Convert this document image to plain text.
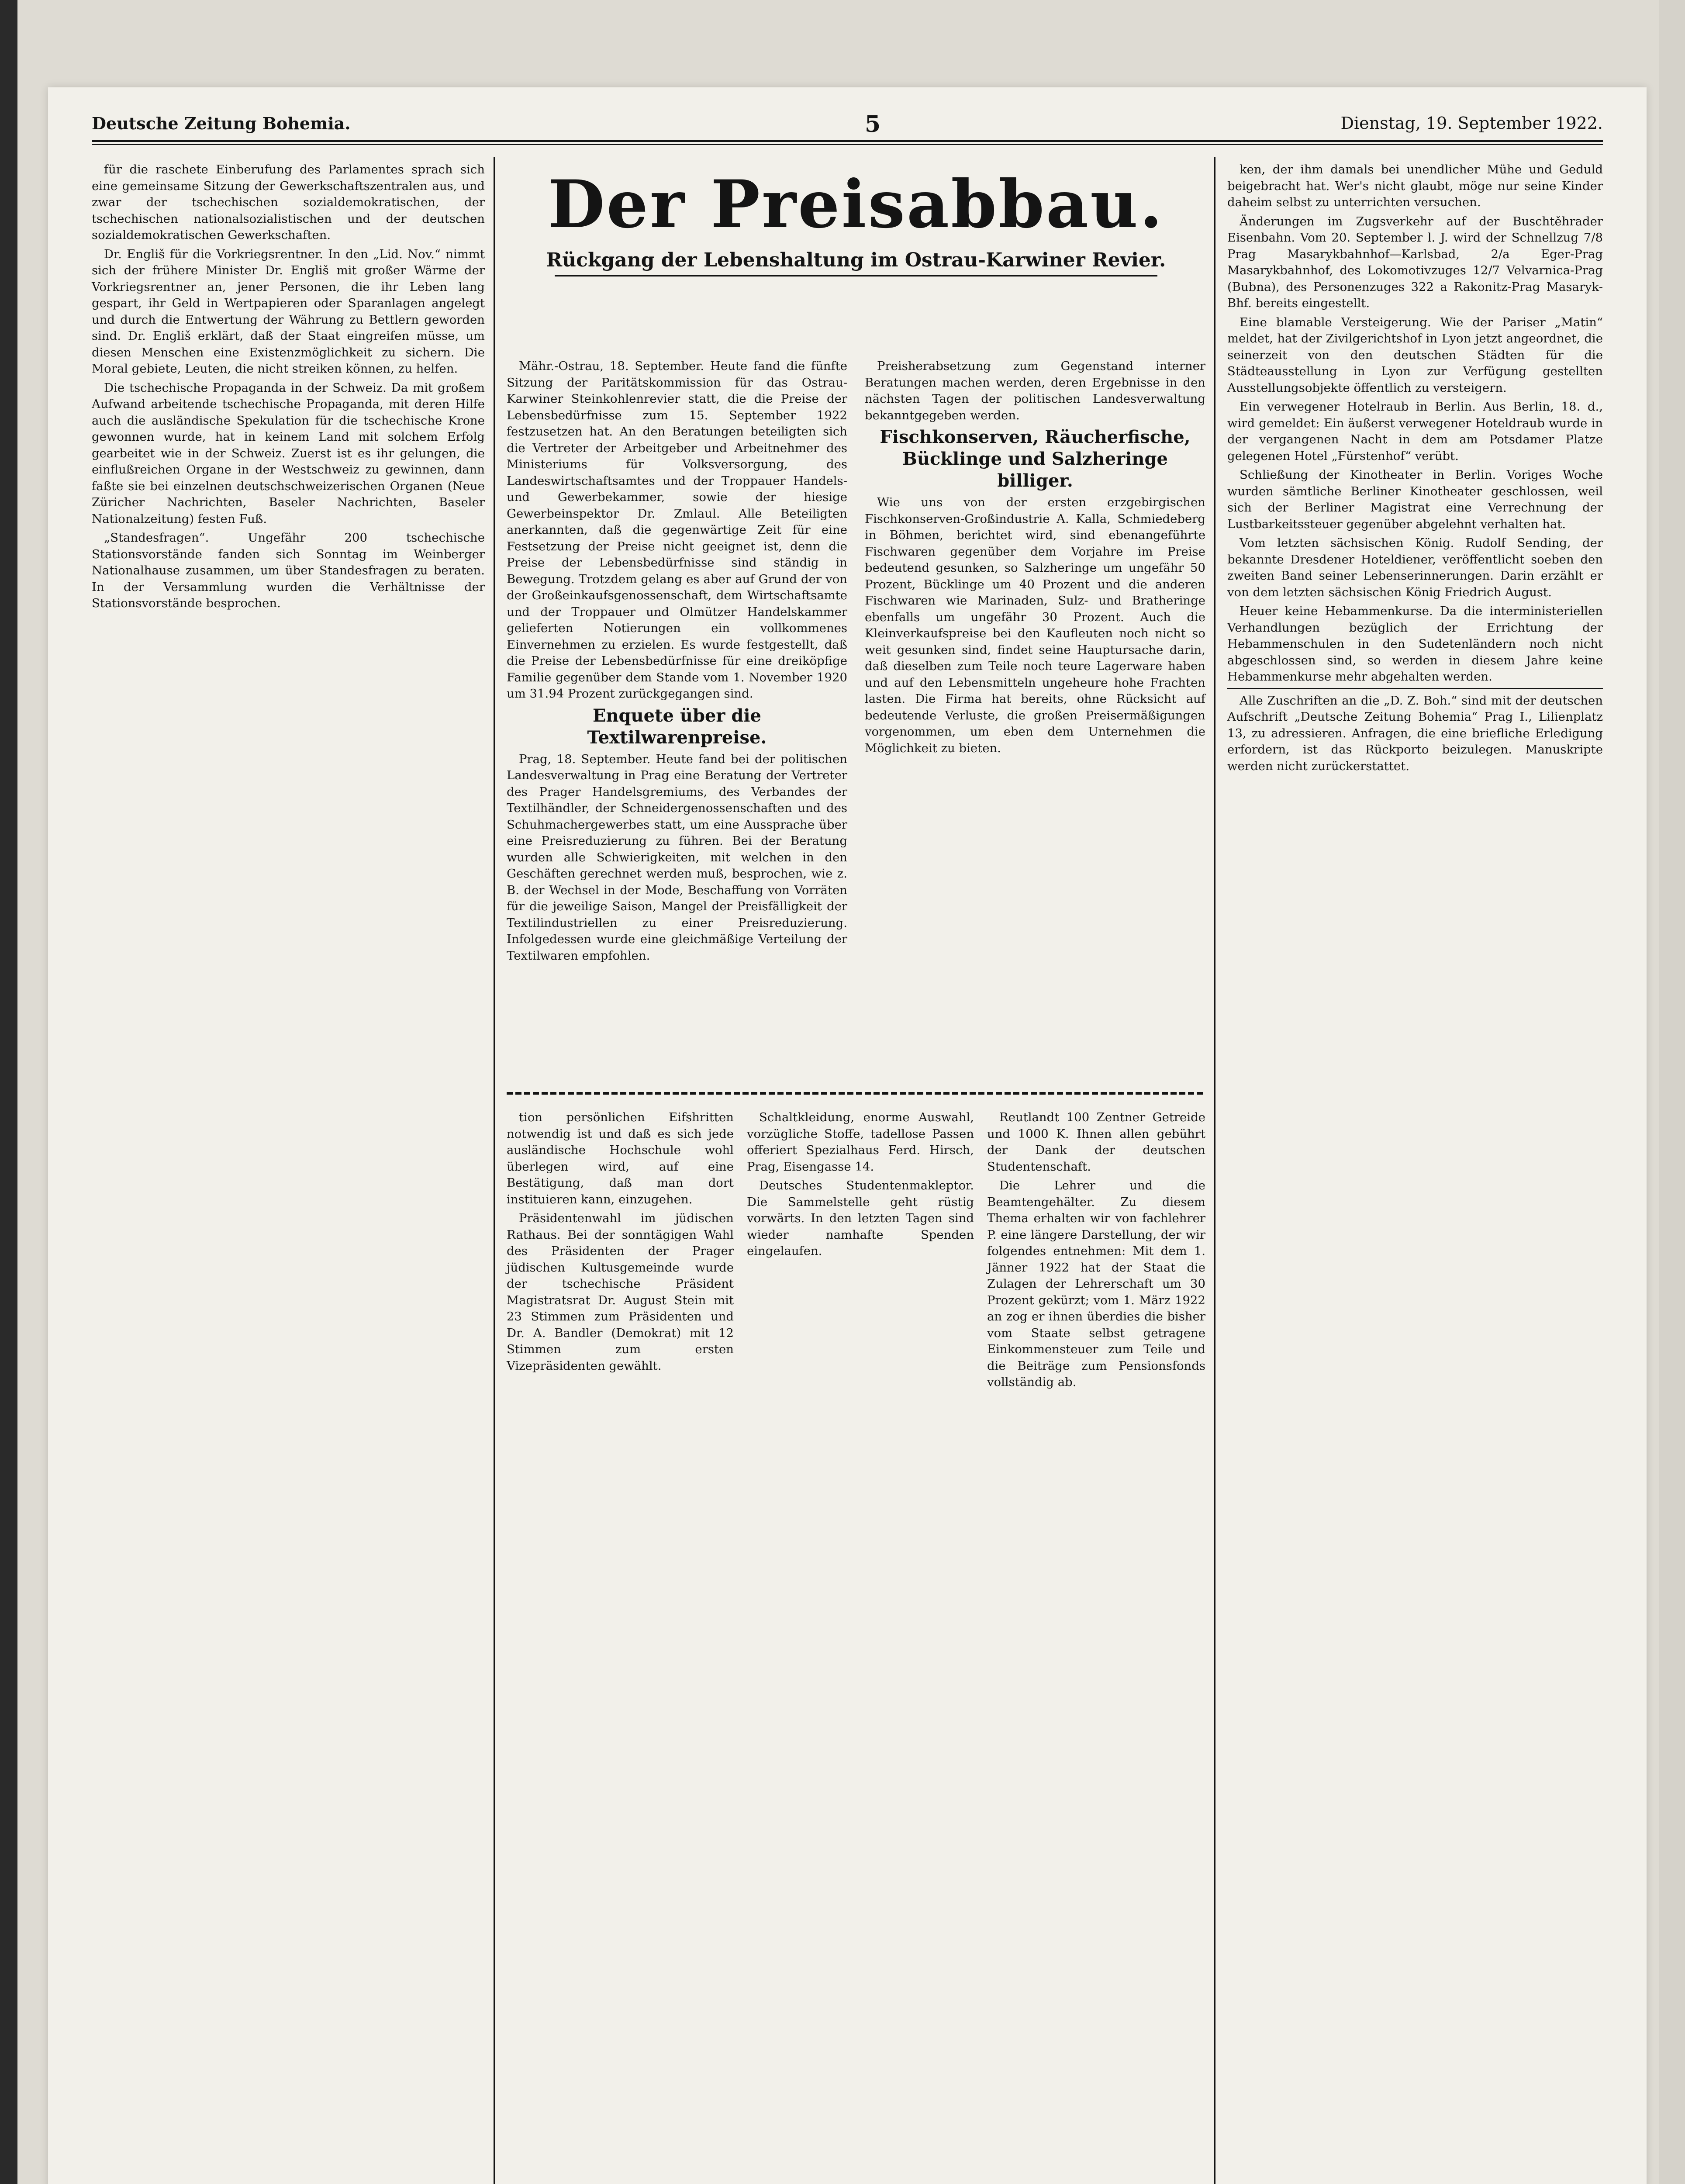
Deutsche Zeitung Bohemia.	5	Dienstag, 19. September 1922.

für die raschete Einberufung des Parlamentes sprach sich eine gemeinsame Sitzung der Gewerkschaftszentralen aus, und zwar der tschechischen sozialdemokratischen, der tschechischen nationalsozialistischen und der deutschen sozialdemokratischen Gewerkschaften.

Dr. Engliš für die Vorkriegsrentner. In den „Lid. Nov.“ nimmt sich der frühere Minister Dr. Engliš mit großer Wärme der Vorkriegsrentner an, jener Personen, die ihr Leben lang gespart, ihr Geld in Wertpapieren oder Sparanlagen angelegt und durch die Entwertung der Währung zu Bettlern geworden sind. Dr. Engliš erklärt, daß der Staat eingreifen müsse, um diesen Menschen eine Existenzmöglichkeit zu sichern. Die Moral gebiete, Leuten, die nicht streiken können, zu helfen.

Die tschechische Propaganda in der Schweiz. Da mit großem Aufwand arbeitende tschechische Propaganda, mit deren Hilfe auch die ausländische Spekulation für die tschechische Krone gewonnen wurde, hat in keinem Land mit solchem Erfolg gearbeitet wie in der Schweiz. Zuerst ist es ihr gelungen, die einflußreichen Organe in der Westschweiz zu gewinnen, dann faßte sie bei einzelnen deutschschweizerischen Organen (Neue Züricher Nachrichten, Baseler Nachrichten, Baseler Nationalzeitung) festen Fuß.

„Standesfragen“. Ungefähr 200 tschechische Stationsvorstände fanden sich Sonntag im Weinberger Nationalhause zusammen, um über Standesfragen zu beraten. In der Versammlung wurden die Verhältnisse der Stationsvorstände besprochen.

Der Preisabbau.
Rückgang der Lebenshaltung im Ostrau-Karwiner Revier.

Mähr.-Ostrau, 18. September. Heute fand die fünfte Sitzung der Paritätskommission für das Ostrau-Karwiner Steinkohlenrevier statt, die die Preise der Lebensbedürfnisse zum 15. September 1922 festzusetzen hat. An den Beratungen beteiligten sich die Vertreter der Arbeitgeber und Arbeitnehmer des Ministeriums für Volksversorgung, des Landeswirtschaftsamtes und der Troppauer Handels- und Gewerbekammer, sowie der hiesige Gewerbeinspektor Dr. Zmlaul. Alle Beteiligten anerkannten, daß die gegenwärtige Zeit für eine Festsetzung der Preise nicht geeignet ist, denn die Preise der Lebensbedürfnisse sind ständig in Bewegung. Trotzdem gelang es aber auf Grund der von der Großeinkaufsgenossenschaft, dem Wirtschaftsamte und der Troppauer und Olmützer Handelskammer gelieferten Notierungen ein vollkommenes Einvernehmen zu erzielen. Es wurde festgestellt, daß die Preise der Lebensbedürfnisse für eine dreiköpfige Familie gegenüber dem Stande vom 1. November 1920 um 31.94 Prozent zurückgegangen sind.

Enquete über die Textilwarenpreise.

Prag, 18. September. Heute fand bei der politischen Landesverwaltung in Prag eine Beratung der Vertreter des Prager Handelsgremiums, des Verbandes der Textilhändler, der Schneidergenossenschaften und des Schuhmachergewerbes statt, um eine Aussprache über eine Preisreduzierung zu führen. Bei der Beratung wurden alle Schwierigkeiten, mit welchen in den Geschäften gerechnet werden muß, besprochen, wie z. B. der Wechsel in der Mode, Beschaffung von Vorräten für die jeweilige Saison, Mangel der Preisfälligkeit der Textilindustriellen zu einer Preisreduzierung. Infolgedessen wurde eine gleichmäßige Verteilung der Textilwaren empfohlen.

Preisherabsetzung zum Gegenstand interner Beratungen machen werden, deren Ergebnisse in den nächsten Tagen der politischen Landesverwaltung bekanntgegeben werden.

Fischkonserven, Räucherfische, Bücklinge und Salzheringe billiger.

Wie uns von der ersten erzgebirgischen Fischkonserven-Großindustrie A. Kalla, Schmiedeberg in Böhmen, berichtet wird, sind ebenangeführte Fischwaren gegenüber dem Vorjahre im Preise bedeutend gesunken, so Salzheringe um ungefähr 50 Prozent, Bücklinge um 40 Prozent und die anderen Fischwaren wie Marinaden, Sulz- und Bratheringe ebenfalls um ungefähr 30 Prozent. Auch die Kleinverkaufspreise bei den Kaufleuten noch nicht so weit gesunken sind, findet seine Hauptursache darin, daß dieselben zum Teile noch teure Lagerware haben und auf den Lebensmitteln ungeheure hohe Frachten lasten. Die Firma hat bereits, ohne Rücksicht auf bedeutende Verluste, die großen Preisermäßigungen vorgenommen, um eben dem Unternehmen die Möglichkeit zu bieten.

tion persönlichen Eifshritten notwendig ist und daß es sich jede ausländische Hochschule wohl überlegen wird, auf eine Bestätigung, daß man dort instituieren kann, einzugehen.

Präsidentenwahl im jüdischen Rathaus. Bei der sonntägigen Wahl des Präsidenten der Prager jüdischen Kultusgemeinde wurde der tschechische Präsident Magistratsrat Dr. August Stein mit 23 Stimmen zum Präsidenten und Dr. A. Bandler (Demokrat) mit 12 Stimmen zum ersten Vizepräsidenten gewählt.

Schaltkleidung, enorme Auswahl, vorzügliche Stoffe, tadellose Passen offeriert Spezialhaus Ferd. Hirsch, Prag, Eisengasse 14.

Deutsches Studentenmakleptor. Die Sammelstelle geht rüstig vorwärts. In den letzten Tagen sind wieder namhafte Spenden eingelaufen.

Reutlandt 100 Zentner Getreide und 1000 K. Ihnen allen gebührt der Dank der deutschen Studentenschaft.

Die Lehrer und die Beamtengehälter. Zu diesem Thema erhalten wir von fachlehrer P. eine längere Darstellung, der wir folgendes entnehmen: Mit dem 1. Jänner 1922 hat der Staat die Zulagen der Lehrerschaft um 30 Prozent gekürzt; vom 1. März 1922 an zog er ihnen überdies die bisher vom Staate selbst getragene Einkommensteuer zum Teile und die Beiträge zum Pensionsfonds vollständig ab.

ken, der ihm damals bei unendlicher Mühe und Geduld beigebracht hat. Wer's nicht glaubt, möge nur seine Kinder daheim selbst zu unterrichten versuchen.

Änderungen im Zugsverkehr auf der Buschtěhrader Eisenbahn. Vom 20. September l. J. wird der Schnellzug 7/8 Prag Masarykbahnhof—Karlsbad, 2/a Eger-Prag Masarykbahnhof, des Lokomotivzuges 12/7 Velvarnica-Prag (Bubna), des Personenzuges 322 a Rakonitz-Prag Masaryk-Bhf. bereits eingestellt.

Eine blamable Versteigerung. Wie der Pariser „Matin“ meldet, hat der Zivilgerichtshof in Lyon jetzt angeordnet, die seinerzeit von den deutschen Städten für die Städteausstellung in Lyon zur Verfügung gestellten Ausstellungsobjekte öffentlich zu versteigern.

Ein verwegener Hotelraub in Berlin. Aus Berlin, 18. d., wird gemeldet: Ein äußerst verwegener Hoteldraub wurde in der vergangenen Nacht in dem am Potsdamer Platze gelegenen Hotel „Fürstenhof“ verübt.

Schließung der Kinotheater in Berlin. Voriges Woche wurden sämtliche Berliner Kinotheater geschlossen, weil sich der Berliner Magistrat eine Verrechnung der Lustbarkeitssteuer gegenüber abgelehnt verhalten hat.

Vom letzten sächsischen König. Rudolf Sending, der bekannte Dresdener Hoteldiener, veröffentlicht soeben den zweiten Band seiner Lebenserinnerungen. Darin erzählt er von dem letzten sächsischen König Friedrich August.

Heuer keine Hebammenkurse. Da die interministeriellen Verhandlungen bezüglich der Errichtung der Hebammenschulen in den Sudetenländern noch nicht abgeschlossen sind, so werden in diesem Jahre keine Hebammenkurse mehr abgehalten werden.

Alle Zuschriften an die „D. Z. Boh.“ sind mit der deutschen Aufschrift „Deutsche Zeitung Bohemia“ Prag I., Lilienplatz 13, zu adressieren. Anfragen, die eine briefliche Erledigung erfordern, ist das Rückporto beizulegen. Manuskripte werden nicht zurückerstattet.
